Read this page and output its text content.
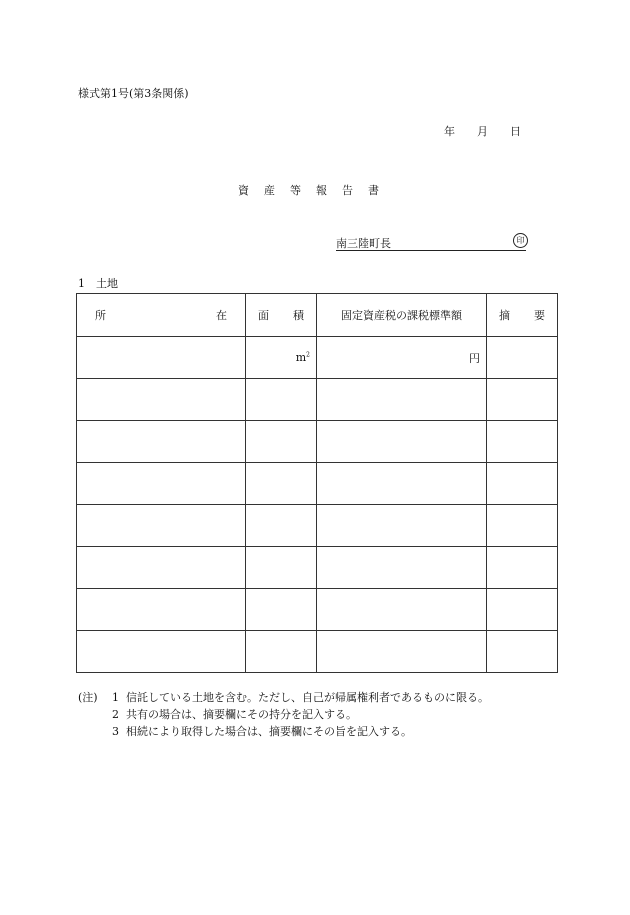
様式第1号(第3条関係)
年 月 日
資 産 等 報 告 書
南三陸町長	印
1 土地
所 在	面 積	固定資産税の課税標準額	摘 要

	$m^2$	円	

(注)	1 信託している土地を含む。ただし、自己が帰属権利者であるものに限る。
2 共有の場合は、摘要欄にその持分を記入する。
3 相続により取得した場合は、摘要欄にその旨を記入する。
